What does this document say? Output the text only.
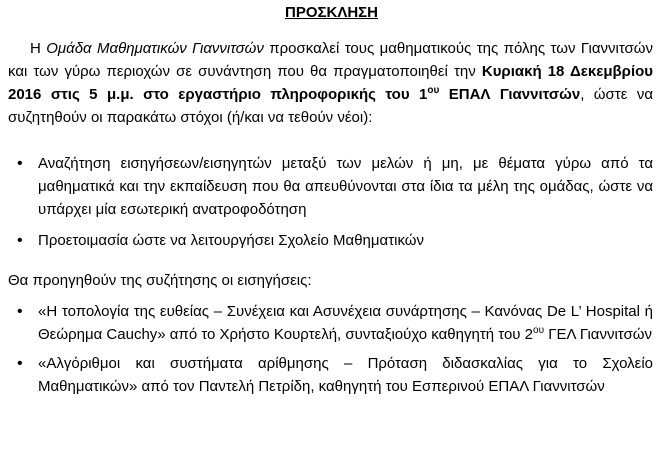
ΠΡΟΣΚΛΗΣΗ
Η Ομάδα Μαθηματικών Γιαννιτσών προσκαλεί τους μαθηματικούς της πόλης των Γιαννιτσών και των γύρω περιοχών σε συνάντηση που θα πραγματοποιηθεί την Κυριακή 18 Δεκεμβρίου 2016 στις 5 μ.μ. στο εργαστήριο πληροφορικής του $1^{o\upsilon}$ ΕΠΑΛ Γιαννιτσών, ώστε να συζητηθούν οι παρακάτω στόχοι (ή/και να τεθούν νέοι):
• Αναζήτηση εισηγήσεων/εισηγητών μεταξύ των μελών ή μη, με θέματα γύρω από τα μαθηματικά και την εκπαίδευση που θα απευθύνονται στα ίδια τα μέλη της ομάδας, ώστε να υπάρχει μία εσωτερική ανατροφοδότηση
• Προετοιμασία ώστε να λειτουργήσει Σχολείο Μαθηματικών
Θα προηγηθούν της συζήτησης οι εισηγήσεις:
• «Η τοπολογία της ευθείας – Συνέχεια και Ασυνέχεια συνάρτησης – Κανόνας De L’ Hospital ή Θεώρημα Cauchy» από το Χρήστο Κουρτελή, συνταξιούχο καθηγητή του $2^{o\upsilon}$ ΓΕΛ Γιαννιτσών
• «Αλγόριθμοι και συστήματα αρίθμησης – Πρόταση διδασκαλίας για το Σχολείο Μαθηματικών» από τον Παντελή Πετρίδη, καθηγητή του Εσπερινού ΕΠΑΛ Γιαννιτσών
